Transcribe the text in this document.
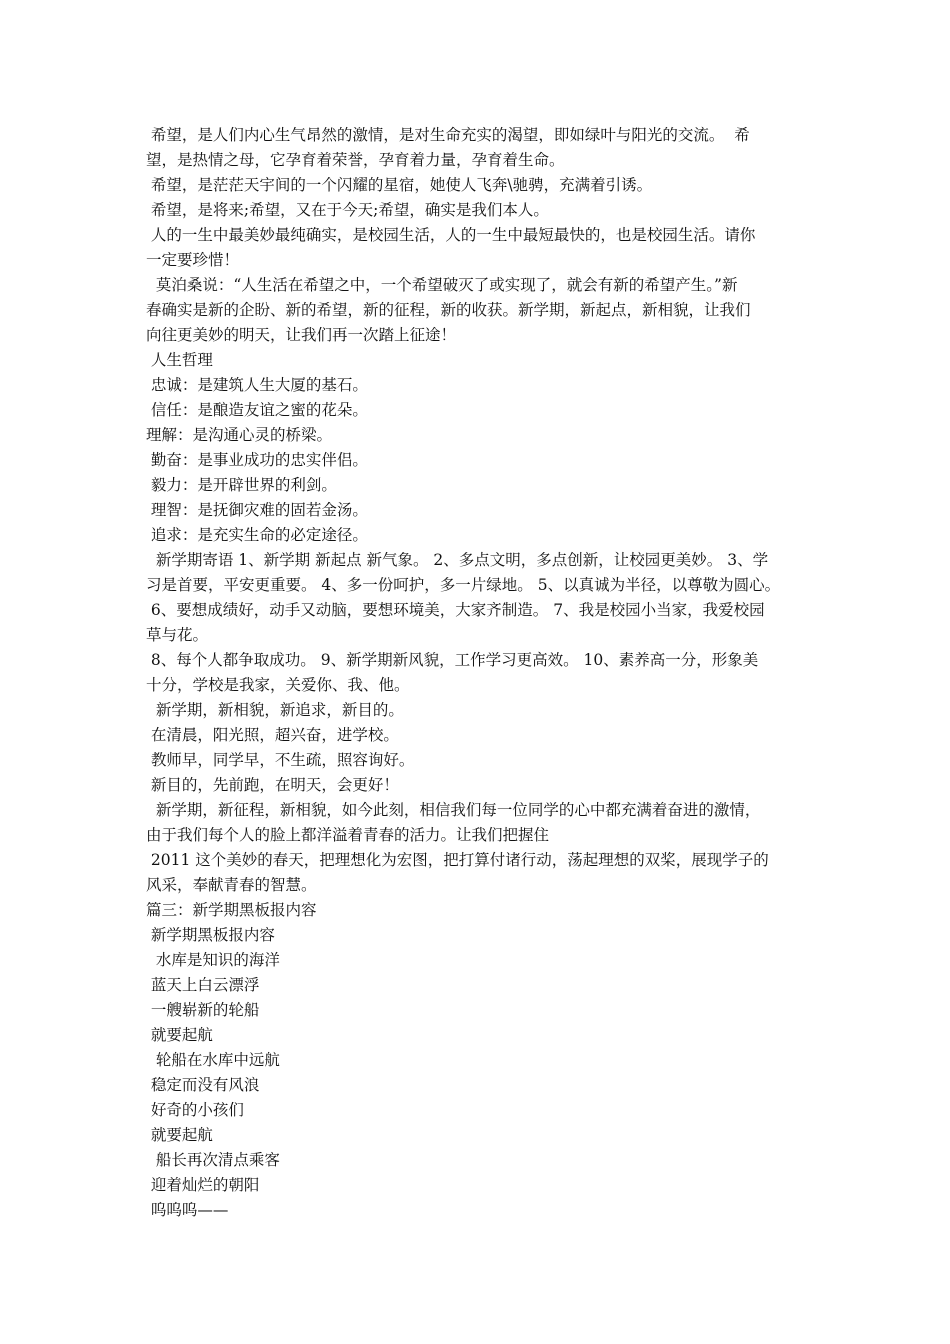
希望，是人们内心生气昂然的激情，是对生命充实的渴望，即如绿叶与阳光的交流。  希
望，是热情之母，它孕育着荣誉，孕育着力量，孕育着生命。
希望，是茫茫天宇间的一个闪耀的星宿，她使人飞奔\驰骋，充满着引诱。
希望，是将来;希望，又在于今天;希望，确实是我们本人。
人的一生中最美妙最纯确实，是校园生活，人的一生中最短最快的，也是校园生活。请你
一定要珍惜！
莫泊桑说：“人生活在希望之中，一个希望破灭了或实现了，就会有新的希望产生。”新
春确实是新的企盼、新的希望，新的征程，新的收获。新学期，新起点，新相貌，让我们
向往更美妙的明天，让我们再一次踏上征途！
人生哲理
忠诚：是建筑人生大厦的基石。
信任：是酿造友谊之蜜的花朵。
理解：是沟通心灵的桥梁。
勤奋：是事业成功的忠实伴侣。
毅力：是开辟世界的利剑。
理智：是抚御灾难的固若金汤。
追求：是充实生命的必定途径。
新学期寄语 1、新学期 新起点 新气象。 2、多点文明，多点创新，让校园更美妙。 3、学
习是首要，平安更重要。 4、多一份呵护，多一片绿地。 5、以真诚为半径，以尊敬为圆心。
6、要想成绩好，动手又动脑，要想环境美，大家齐制造。 7、我是校园小当家，我爱校园
草与花。
8、每个人都争取成功。 9、新学期新风貌，工作学习更高效。 10、素养高一分，形象美
十分，学校是我家，关爱你、我、他。
新学期，新相貌，新追求，新目的。
在清晨，阳光照，超兴奋，进学校。
教师早，同学早，不生疏，照容询好。
新目的，先前跑，在明天，会更好！
新学期，新征程，新相貌，如今此刻，相信我们每一位同学的心中都充满着奋进的激情，
由于我们每个人的脸上都洋溢着青春的活力。让我们把握住
2011 这个美妙的春天，把理想化为宏图，把打算付诸行动，荡起理想的双桨，展现学子的
风采，奉献青春的智慧。
篇三：新学期黑板报内容
新学期黑板报内容
水库是知识的海洋
蓝天上白云漂浮
一艘崭新的轮船
就要起航
轮船在水库中远航
稳定而没有风浪
好奇的小孩们
就要起航
船长再次清点乘客
迎着灿烂的朝阳
呜呜呜——
